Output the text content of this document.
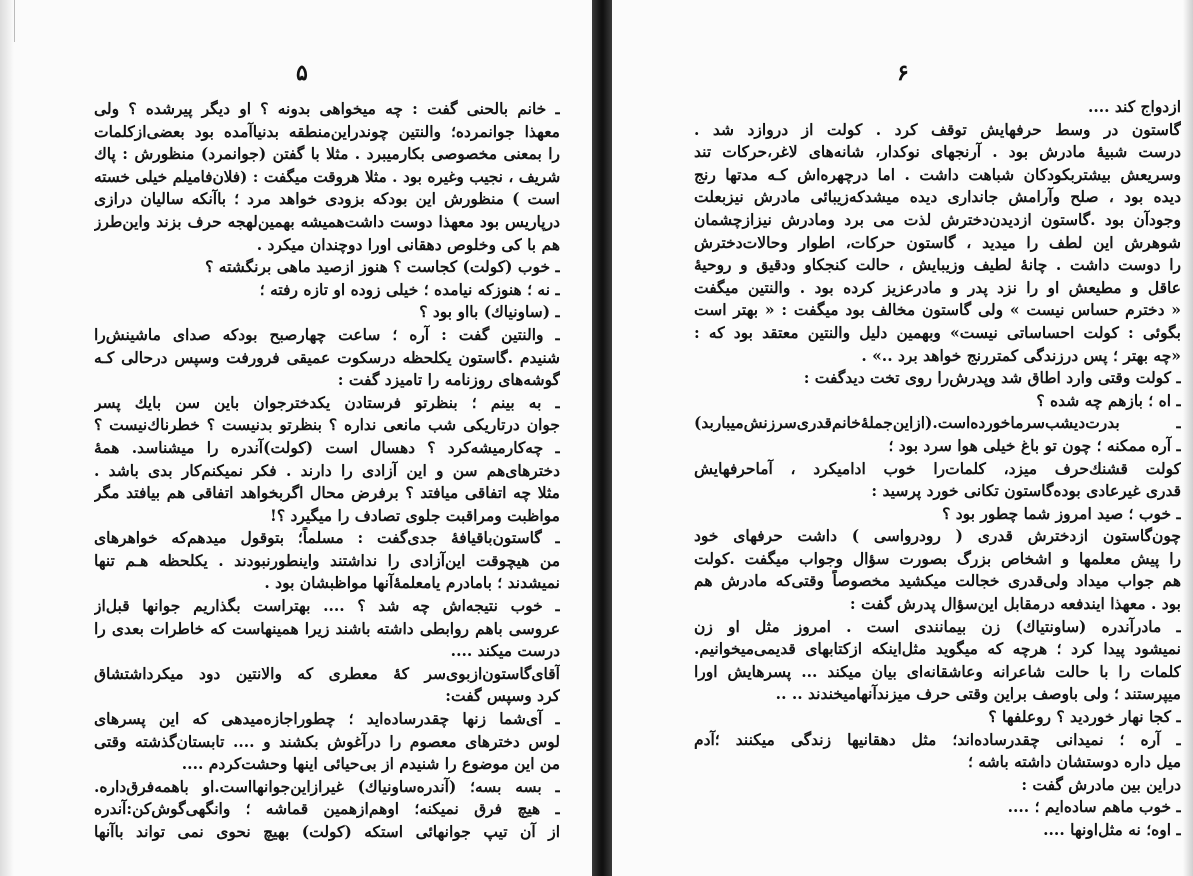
۵
ـ خانم بالحنی گفت : چه میخواهی بدونه ؟ او دیگر پیرشده ؟ ولی
معهذا جوانمرده؛ والنتین چوندراین‌منطقه بدنیاآمده بود بعضی‌ازکلمات
را بمعنی مخصوصی بکارمیبرد . مثلا با گفتن (جوانمرد) منظورش : پاك
شریف ، نجیب وغیره بود . مثلا هروقت میگفت : (فلان‌فامیلم خیلی خسته
است ) منظورش این بودکه بزودی خواهد مرد ؛ باآنکه سالیان درازی
درپاریس بود معهذا دوست داشت‌همیشه بهمین‌لهجه حرف بزند واین‌طرز
هم با کی وخلوص دهقانی اورا دوچندان میکرد .
ـ خوب (کولت) کجاست ؟ هنوز ازصید ماهی برنگشته ؟
ـ نه ؛ هنوزکه نیامده ؛ خیلی زوده او تازه رفته ؛
ـ (ساونیاك) بااو بود ؟
ـ والنتین گفت : آره ؛ ساعت چهارصبح بودکه صدای ماشینش‌را
شنیدم .گاستون یکلحظه درسکوت عمیقی فرورفت وسپس درحالی کـه
گوشه‌های روزنامه را تامیزد گفت :
ـ به بینم ؛ بنظرتو فرستادن یکدخترجوان باین سن بایك پسر
جوان درتاریکی شب مانعی نداره ؟ بنظرتو بدنیست ؟ خطرناك‌نیست ؟
ـ چه‌کارمیشه‌کرد ؟ دهسال است (کولت)آندره را میشناسد. همهٔ
دخترهای‌هم سن و این آزادی را دارند . فکر نمیکنم‌کار بدی باشد .
مثلا چه اتفاقی میافتد ؟ برفرض محال اگربخواهد اتفاقی هم بیافتد مگر
مواظبت ومراقبت جلوی تصادف را میگیرد ؟!
ـ گاستون‌باقیافهٔ جدی‌گفت : مسلماً؛ بتوقول میدهم‌که خواهرهای
من هیچوقت این‌آزادی را نداشتند واینطورنبودند . یکلحظه هـم تنها
نمیشدند ؛ بامادرم یامعلمهٔ‌آنها مواظبشان بود .
ـ خوب نتیجه‌اش چه شد ؟ .... بهتراست بگذاریم جوانها قبل‌از
عروسی باهم روابطی داشته باشند زیرا همینهاست که خاطرات بعدی را
درست میکند ....
آقای‌گاستون‌ازبوی‌سر کهٔ معطری که والانتین دود میکرد‌اشتشاق
کرد وسپس گفت:
ـ آی‌شما زنها چقدرساده‌اید ؛ چطوراجازه‌میدهی که این پسرهای
لوس دخترهای معصوم را درآغوش بکشند و .... تابستان‌گذشته وقتی
من این موضوع را شنیدم از بی‌حیائی اینها وحشت‌کردم ....
ـ بسه بسه؛ (آندره‌ساونیاك) غیرازاین‌جوانهااست.او باهمه‌فرق‌داره.
ـ هیچ فرق نمیکنه؛ اوهم‌ازهمین قماشه ؛ وانگهی‌گوش‌کن:آندره
از آن تیپ جوانهائی استکه (کولت) بهیچ نحوی نمی تواند باآنها
۶
ازدواج کند ....
گاستون در وسط حرفهایش توقف کرد . کولت از دروازد شد .
درست شبیهٔ مادرش بود . آرنجهای نوکدار، شانه‌های لاغر،حرکات تند
وسریعش بیشتربکودکان شباهت داشت . اما درچهره‌اش کـه مدتها رنج
دیده بود ، صلح وآرامش جانداری دیده میشدکه‌زیبائی مادرش نیزبعلت
وجودآن بود .گاستون ازدیدن‌دخترش لذت می برد ومادرش نیزازچشمان
شوهرش این لطف را میدید ، گاستون حرکات، اطوار وحالات‌دخترش
را دوست داشت . چانهٔ لطیف وزیبایش ، حالت کنجکاو ودقیق و روحیهٔ
عاقل و مطیعش او را نزد پدر و مادرعزیز کرده بود . والنتین میگفت
« دخترم حساس نیست » ولی گاستون مخالف بود میگفت : « بهتر است
بگوئی : کولت احساساتی نیست» وبهمین دلیل والنتین معتقد بود که :
«چه بهتر ؛ پس درزندگی کمتررنج خواهد برد ..» .
ـ کولت وقتی وارد اطاق شد وپدرش‌را روی تخت دیدگفت :
ـ اه ؛ بازهم چه شده ؟
ـ بدرت‌دیشب‌سرماخورده‌است.(ازاین‌جملهٔ‌خانم‌قدری‌سرزنش‌میباربد)
ـ آره ممکنه ؛ چون تو باغ خیلی هوا سرد بود ؛
کولت قشنك‌حرف میزد، کلمات‌را خوب ادامیکرد ، آماحرفهایش
قدری غیرعادی بوده‌گاستون تکانی خورد پرسید :
ـ خوب ؛ صید امروز شما چطور بود ؟
چون‌گاستون ازدخترش قدری ( رودرواسی ) داشت حرفهای خود
را پیش معلمها و اشخاص بزرگ بصورت سؤال وجواب میگفت .کولت
هم جواب میداد ولی‌قدری خجالت میکشید مخصوصاً وقتی‌که مادرش هم
بود . معهذا ایندفعه درمقابل این‌سؤال پدرش گفت :
ـ مادرآندره (ساونتیاك) زن بیمانندی است . امروز مثل او زن
نمیشود پیدا کرد ؛ هرچه که میگوید مثل‌اینکه ازکتابهای قدیمی‌میخوانیم.
کلمات را با حالت شاعرانه وعاشقانه‌ای بیان میکند ... پسرهایش اورا
میپرستند ؛ ولی باوصف براین وقتی حرف میزندآنهامیخندند .. ..
ـ کجا نهار خوردید ؟ روعلفها ؟
ـ آره ؛ نمیدانی چقدرساده‌اند؛ مثل دهقانیها زندگی میکنند ؛آدم
میل داره دوستشان داشته باشه ؛
دراین بین مادرش گفت :
ـ خوب ماهم ساده‌ایم ؛ ....
ـ اوه؛ نه مثل‌اونها ....
